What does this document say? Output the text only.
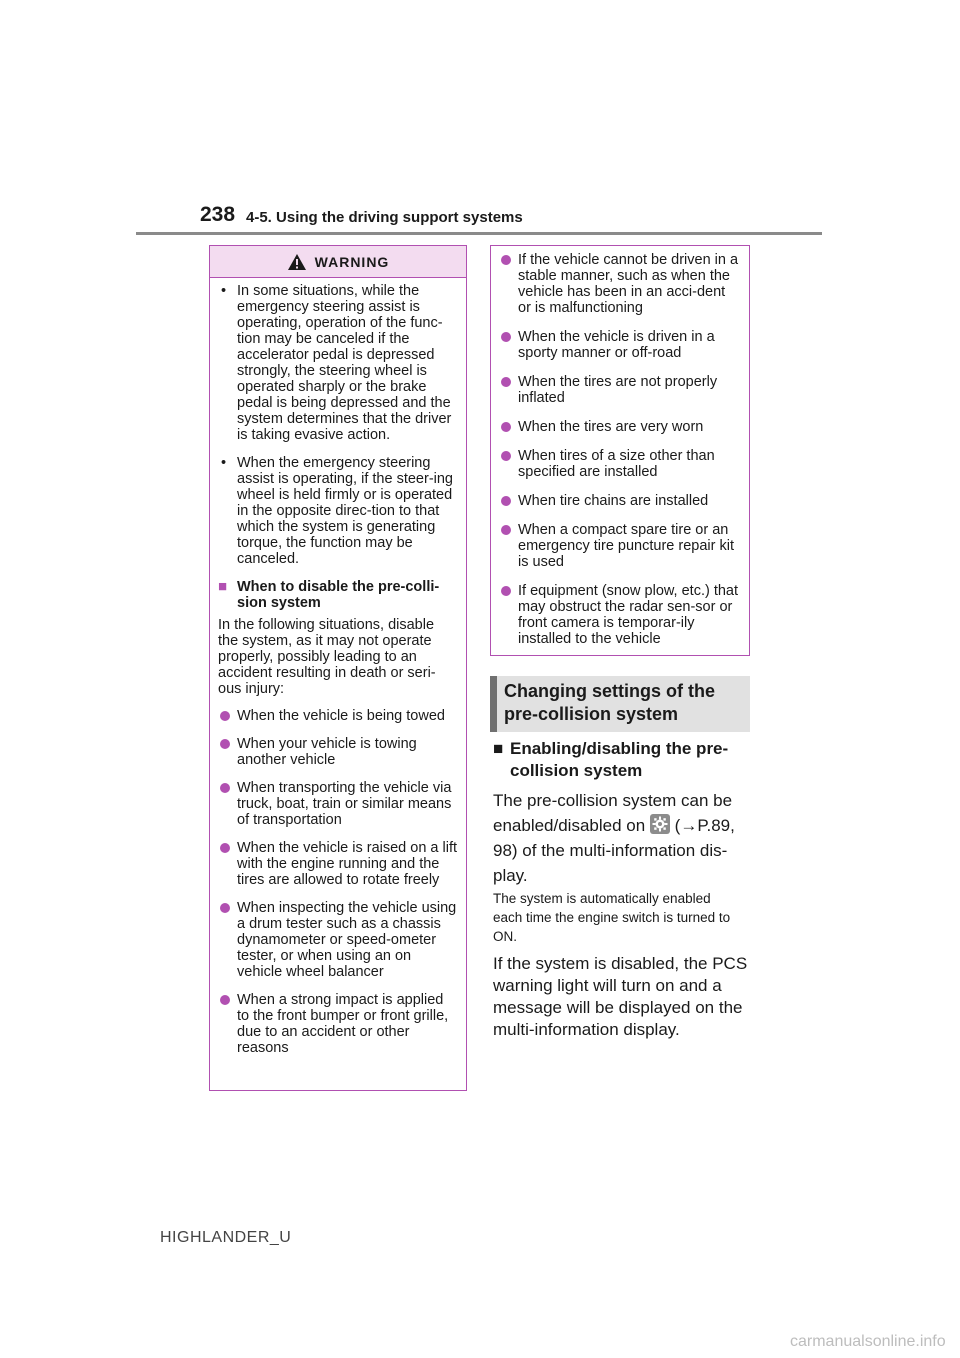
238 4-5. Using the driving support systems
WARNING
• In some situations, while the emergency steering assist is operating, operation of the func-tion may be canceled if the accelerator pedal is depressed strongly, the steering wheel is operated sharply or the brake pedal is being depressed and the system determines that the driver is taking evasive action.
• When the emergency steering assist is operating, if the steer-ing wheel is held firmly or is operated in the opposite direc-tion to that which the system is generating torque, the function may be canceled.
■ When to disable the pre-colli-sion system
In the following situations, disable the system, as it may not operate properly, possibly leading to an accident resulting in death or seri-ous injury:
When the vehicle is being towed
When your vehicle is towing another vehicle
When transporting the vehicle via truck, boat, train or similar means of transportation
When the vehicle is raised on a lift with the engine running and the tires are allowed to rotate freely
When inspecting the vehicle using a drum tester such as a chassis dynamometer or speed-ometer tester, or when using an on vehicle wheel balancer
When a strong impact is applied to the front bumper or front grille, due to an accident or other reasons
If the vehicle cannot be driven in a stable manner, such as when the vehicle has been in an acci-dent or is malfunctioning
When the vehicle is driven in a sporty manner or off-road
When the tires are not properly inflated
When the tires are very worn
When tires of a size other than specified are installed
When tire chains are installed
When a compact spare tire or an emergency tire puncture repair kit is used
If equipment (snow plow, etc.) that may obstruct the radar sen-sor or front camera is temporar-ily installed to the vehicle
Changing settings of the pre-collision system
■ Enabling/disabling the pre-collision system
The pre-collision system can be enabled/disabled on (→P.89, 98) of the multi-information dis-play.
The system is automatically enabled each time the engine switch is turned to ON.
If the system is disabled, the PCS warning light will turn on and a message will be displayed on the multi-information display.
HIGHLANDER_U
carmanualsonline.info
